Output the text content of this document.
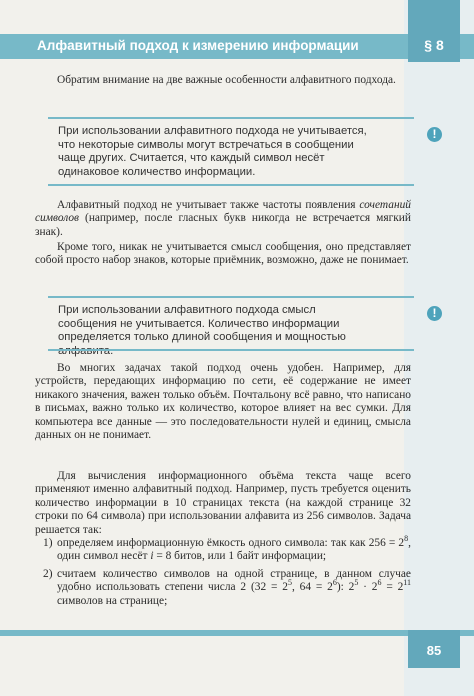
Алфавитный подход к измерению информации	§ 8

Обратим внимание на две важные особенности алфавитного подхода.

При использовании алфавитного подхода не учитывается, что некоторые символы могут встречаться в сообщении чаще других. Считается, что каждый символ несёт одинаковое количество информации.
!

Алфавитный подход не учитывает также частоты появления сочетаний символов (например, после гласных букв никогда не встречается мягкий знак).

Кроме того, никак не учитывается смысл сообщения, оно представляет собой просто набор знаков, которые приёмник, возможно, даже не понимает.

При использовании алфавитного подхода смысл сообщения не учитывается. Количество информации определяется только длиной сообщения и мощностью алфавита.
!

Во многих задачах такой подход очень удобен. Например, для устройств, передающих информацию по сети, её содержание не имеет никакого значения, важен только объём. Почтальону всё равно, что написано в письмах, важно только их количество, которое влияет на вес сумки. Для компьютера все данные — это последовательности нулей и единиц, смысла данных он не понимает.

Для вычисления информационного объёма текста чаще всего применяют именно алфавитный подход. Например, пусть требуется оценить количество информации в 10 страницах текста (на каждой странице 32 строки по 64 символа) при использовании алфавита из 256 символов. Задача решается так:

1) определяем информационную ёмкость одного символа: так как $256 = 2^8$, один символ несёт i = 8 битов, или 1 байт информации;
2) считаем количество символов на одной странице, в данном случае удобно использовать степени числа 2 ($32 = 2^5$, $64 = 2^6$): $2^5 \cdot 2^6 = 2^{11}$ символов на странице;
85
